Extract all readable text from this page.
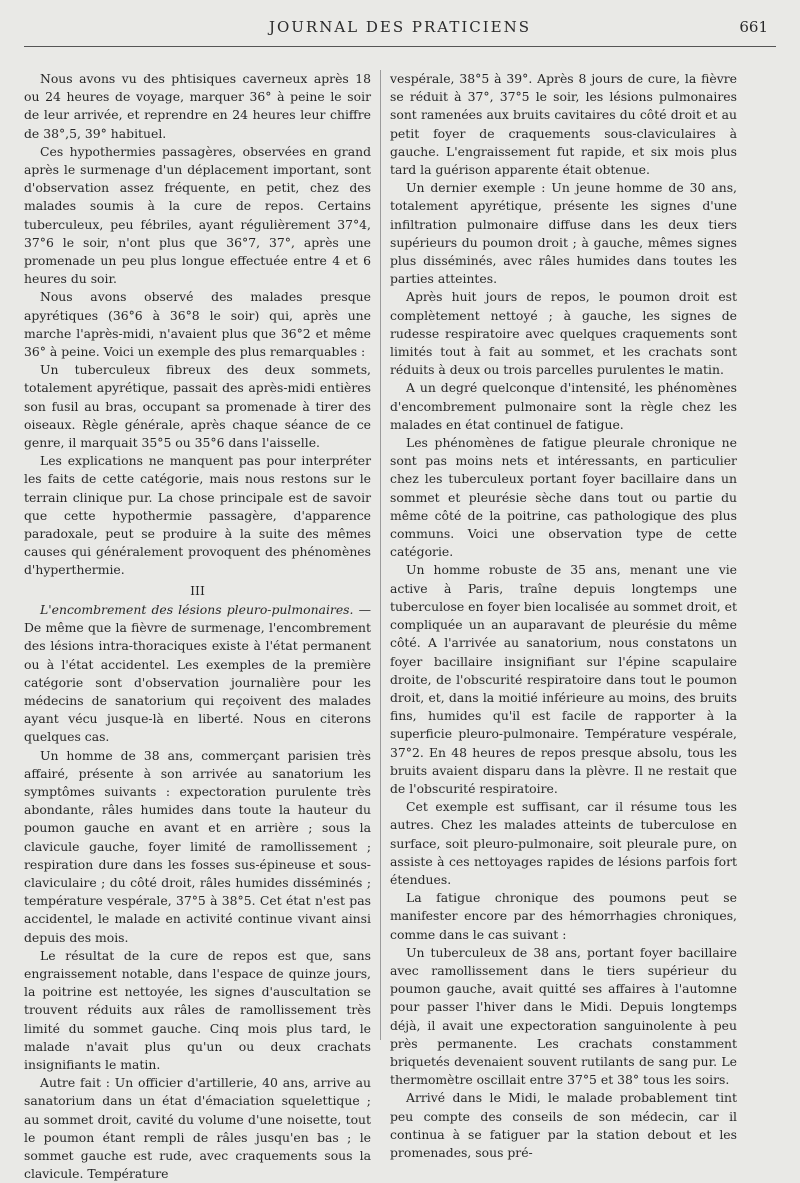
JOURNAL DES PRATICIENS	661

Nous avons vu des phtisiques caverneux après 18 ou 24 heures de voyage, marquer 36° à peine le soir de leur arrivée, et reprendre en 24 heures leur chiffre de 38°,5, 39° habituel.

Ces hypothermies passagères, observées en grand après le surmenage d'un déplacement important, sont d'observation assez fréquente, en petit, chez des malades soumis à la cure de repos. Certains tuberculeux, peu fébriles, ayant régulièrement 37°4, 37°6 le soir, n'ont plus que 36°7, 37°, après une promenade un peu plus longue effectuée entre 4 et 6 heures du soir.

Nous avons observé des malades presque apyrétiques (36°6 à 36°8 le soir) qui, après une marche l'après-midi, n'avaient plus que 36°2 et même 36° à peine. Voici un exemple des plus remarquables :

Un tuberculeux fibreux des deux sommets, totalement apyrétique, passait des après-midi entières son fusil au bras, occupant sa promenade à tirer des oiseaux. Règle générale, après chaque séance de ce genre, il marquait 35°5 ou 35°6 dans l'aisselle.

Les explications ne manquent pas pour interpréter les faits de cette catégorie, mais nous restons sur le terrain clinique pur. La chose principale est de savoir que cette hypothermie passagère, d'apparence paradoxale, peut se produire à la suite des mêmes causes qui généralement provoquent des phénomènes d'hyperthermie.

III

L'encombrement des lésions pleuro-pulmonaires. — De même que la fièvre de surmenage, l'encombrement des lésions intra-thoraciques existe à l'état permanent ou à l'état accidentel. Les exemples de la première catégorie sont d'observation journalière pour les médecins de sanatorium qui reçoivent des malades ayant vécu jusque-là en liberté. Nous en citerons quelques cas.

Un homme de 38 ans, commerçant parisien très affairé, présente à son arrivée au sanatorium les symptômes suivants : expectoration purulente très abondante, râles humides dans toute la hauteur du poumon gauche en avant et en arrière ; sous la clavicule gauche, foyer limité de ramollissement ; respiration dure dans les fosses sus-épineuse et sous-claviculaire ; du côté droit, râles humides disséminés ; température vespérale, 37°5 à 38°5. Cet état n'est pas accidentel, le malade en activité continue vivant ainsi depuis des mois.

Le résultat de la cure de repos est que, sans engraissement notable, dans l'espace de quinze jours, la poitrine est nettoyée, les signes d'auscultation se trouvent réduits aux râles de ramollissement très limité du sommet gauche. Cinq mois plus tard, le malade n'avait plus qu'un ou deux crachats insignifiants le matin.

Autre fait : Un officier d'artillerie, 40 ans, arrive au sanatorium dans un état d'émaciation squelettique ; au sommet droit, cavité du volume d'une noisette, tout le poumon étant rempli de râles jusqu'en bas ; le sommet gauche est rude, avec craquements sous la clavicule. Température

vespérale, 38°5 à 39°. Après 8 jours de cure, la fièvre se réduit à 37°, 37°5 le soir, les lésions pulmonaires sont ramenées aux bruits cavitaires du côté droit et au petit foyer de craquements sous-claviculaires à gauche. L'engraissement fut rapide, et six mois plus tard la guérison apparente était obtenue.

Un dernier exemple : Un jeune homme de 30 ans, totalement apyrétique, présente les signes d'une infiltration pulmonaire diffuse dans les deux tiers supérieurs du poumon droit ; à gauche, mêmes signes plus disséminés, avec râles humides dans toutes les parties atteintes.

Après huit jours de repos, le poumon droit est complètement nettoyé ; à gauche, les signes de rudesse respiratoire avec quelques craquements sont limités tout à fait au sommet, et les crachats sont réduits à deux ou trois parcelles purulentes le matin.

A un degré quelconque d'intensité, les phénomènes d'encombrement pulmonaire sont la règle chez les malades en état continuel de fatigue.

Les phénomènes de fatigue pleurale chronique ne sont pas moins nets et intéressants, en particulier chez les tuberculeux portant foyer bacillaire dans un sommet et pleurésie sèche dans tout ou partie du même côté de la poitrine, cas pathologique des plus communs. Voici une observation type de cette catégorie.

Un homme robuste de 35 ans, menant une vie active à Paris, traîne depuis longtemps une tuberculose en foyer bien localisée au sommet droit, et compliquée un an auparavant de pleurésie du même côté. A l'arrivée au sanatorium, nous constatons un foyer bacillaire insignifiant sur l'épine scapulaire droite, de l'obscurité respiratoire dans tout le poumon droit, et, dans la moitié inférieure au moins, des bruits fins, humides qu'il est facile de rapporter à la superficie pleuro-pulmonaire. Température vespérale, 37°2. En 48 heures de repos presque absolu, tous les bruits avaient disparu dans la plèvre. Il ne restait que de l'obscurité respiratoire.

Cet exemple est suffisant, car il résume tous les autres. Chez les malades atteints de tuberculose en surface, soit pleuro-pulmonaire, soit pleurale pure, on assiste à ces nettoyages rapides de lésions parfois fort étendues.

La fatigue chronique des poumons peut se manifester encore par des hémorrhagies chroniques, comme dans le cas suivant :

Un tuberculeux de 38 ans, portant foyer bacillaire avec ramollissement dans le tiers supérieur du poumon gauche, avait quitté ses affaires à l'automne pour passer l'hiver dans le Midi. Depuis longtemps déjà, il avait une expectoration sanguinolente à peu près permanente. Les crachats constamment briquetés devenaient souvent rutilants de sang pur. Le thermomètre oscillait entre 37°5 et 38° tous les soirs.

Arrivé dans le Midi, le malade probablement tint peu compte des conseils de son médecin, car il continua à se fatiguer par la station debout et les promenades, sous pré-
